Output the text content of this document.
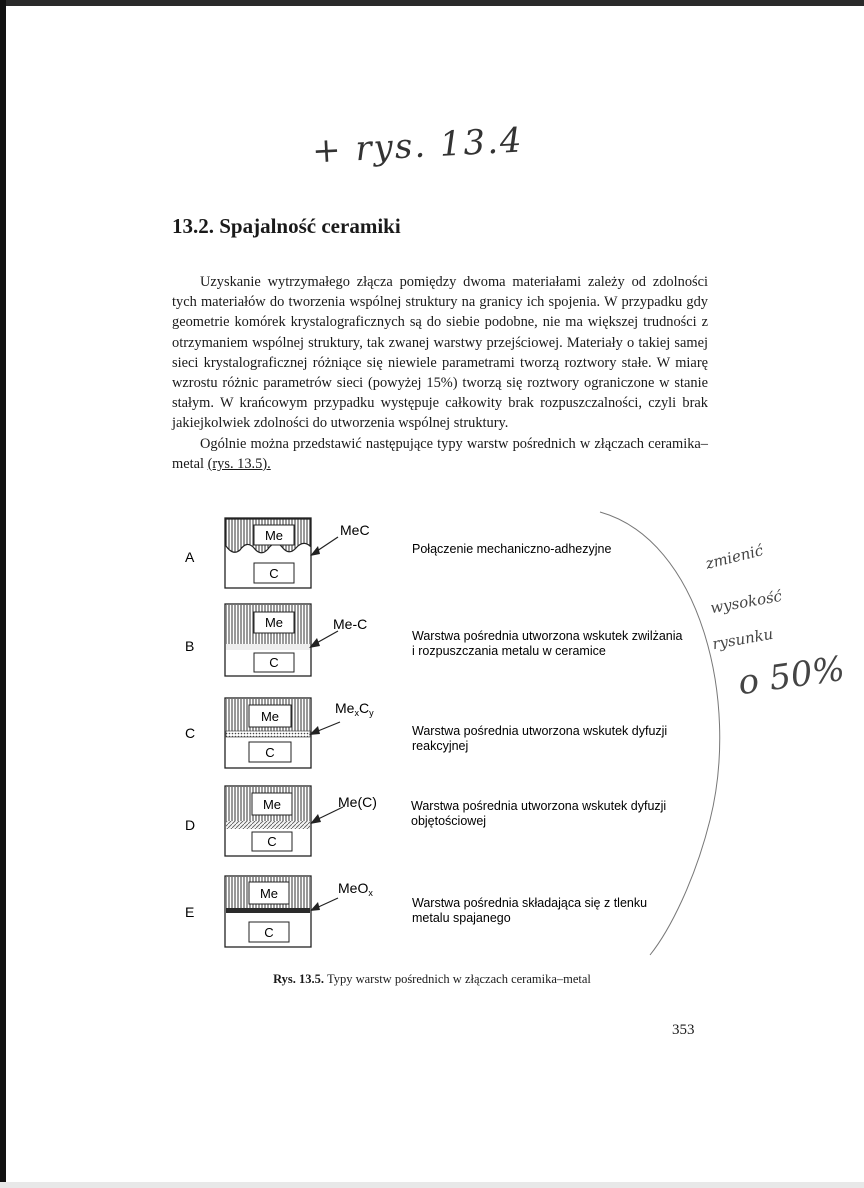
+ rys. 13.4
zmienić
wysokość
rysunku
o 50%
13.2. Spajalność ceramiki

Uzyskanie wytrzymałego złącza pomiędzy dwoma materiałami zależy od zdolności tych materiałów do tworzenia wspólnej struktury na granicy ich spojenia. W przypadku gdy geometrie komórek krystalograficznych są do siebie podobne, nie ma większej trudności z otrzymaniem wspólnej struktury, tak zwanej warstwy przejściowej. Materiały o takiej samej sieci krystalograficznej różniące się niewiele parametrami tworzą roztwory stałe. W miarę wzrostu różnic parametrów sieci (powyżej 15%) tworzą się roztwory ograniczone w stanie stałym. W krańcowym przypadku występuje całkowity brak rozpuszczalności, czyli brak jakiejkolwiek zdolności do utworzenia wspólnej struktury.

Ogólnie można przedstawić następujące typy warstw pośrednich w złączach ceramika–metal (rys. 13.5).

A
Me
C
MeC
Połączenie mechaniczno-adhezyjne
B
Me
C
Me-C
Warstwa pośrednia utworzona wskutek zwilżania
i rozpuszczania metalu w ceramice
C
Me
C
$Me_xC_y$
Warstwa pośrednia utworzona wskutek dyfuzji
reakcyjnej
D
Me
C
Me(C)	Warstwa pośrednia utworzona wskutek dyfuzji
objętościowej
E
Me
C
MeO$_x$
Warstwa pośrednia składająca się z tlenku
metalu spajanego
Rys. 13.5. Typy warstw pośrednich w złączach ceramika–metal
353
